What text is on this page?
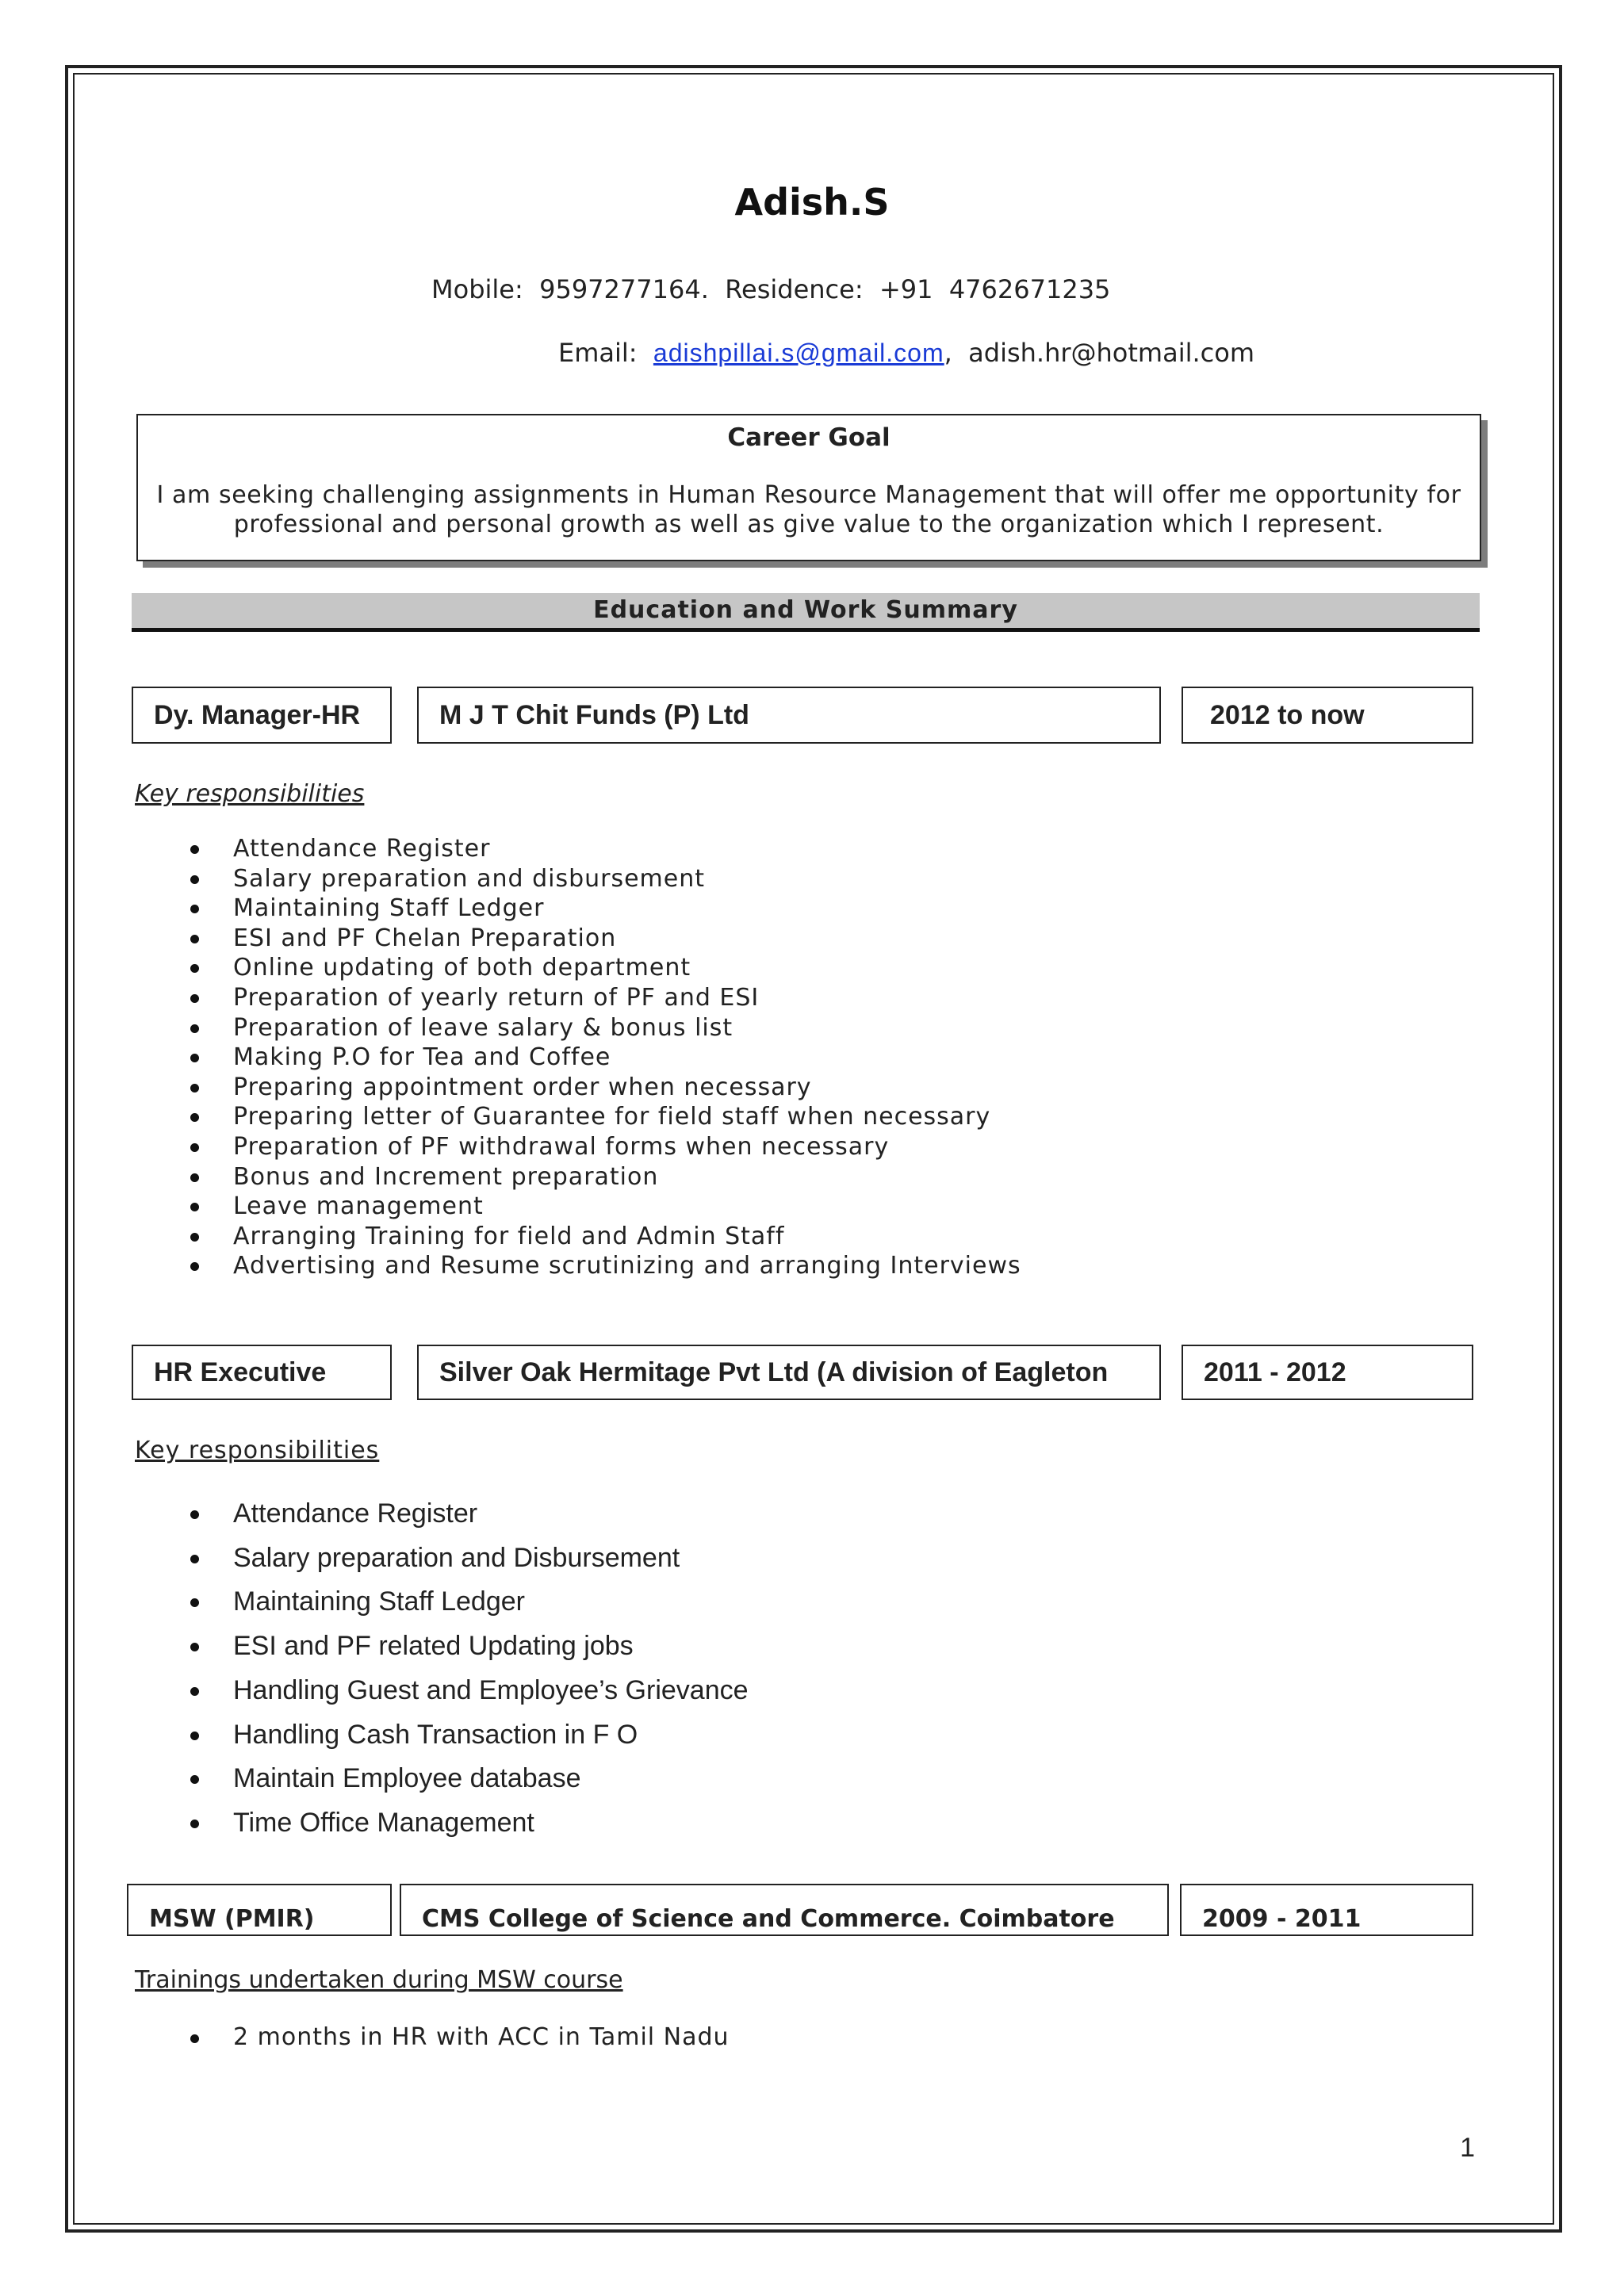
Adish.S
Mobile:  9597277164.  Residence:  +91  4762671235
Email:  adishpillai.s@gmail.com,  adish.hr@hotmail.com
Career Goal
I am seeking challenging assignments in Human Resource Management that will offer me opportunity for professional and personal growth as well as give value to the organization which I represent.
Education and Work Summary
Dy. Manager-HR	M J T Chit Funds (P) Ltd	2012 to now
Key responsibilities
Attendance Register
Salary preparation and disbursement
Maintaining Staff Ledger
ESI and PF Chelan Preparation
Online updating of both department
Preparation of yearly return of PF and ESI
Preparation of leave salary & bonus list
Making P.O for Tea and Coffee
Preparing appointment order when necessary
Preparing letter of Guarantee for field staff when necessary
Preparation of PF withdrawal forms when necessary
Bonus and Increment preparation
Leave management
Arranging Training for field and Admin Staff
Advertising and Resume scrutinizing and arranging Interviews
HR Executive	Silver Oak Hermitage Pvt Ltd (A division of Eagleton	2011 - 2012
Key responsibilities
Attendance Register
Salary preparation and Disbursement
Maintaining Staff Ledger
ESI and PF related Updating jobs
Handling Guest and Employee’s Grievance
Handling Cash Transaction in F O
Maintain Employee database
Time Office Management
MSW (PMIR)	CMS College of Science and Commerce. Coimbatore	2009 - 2011
Trainings undertaken during MSW course
2 months in HR with ACC in Tamil Nadu
1
